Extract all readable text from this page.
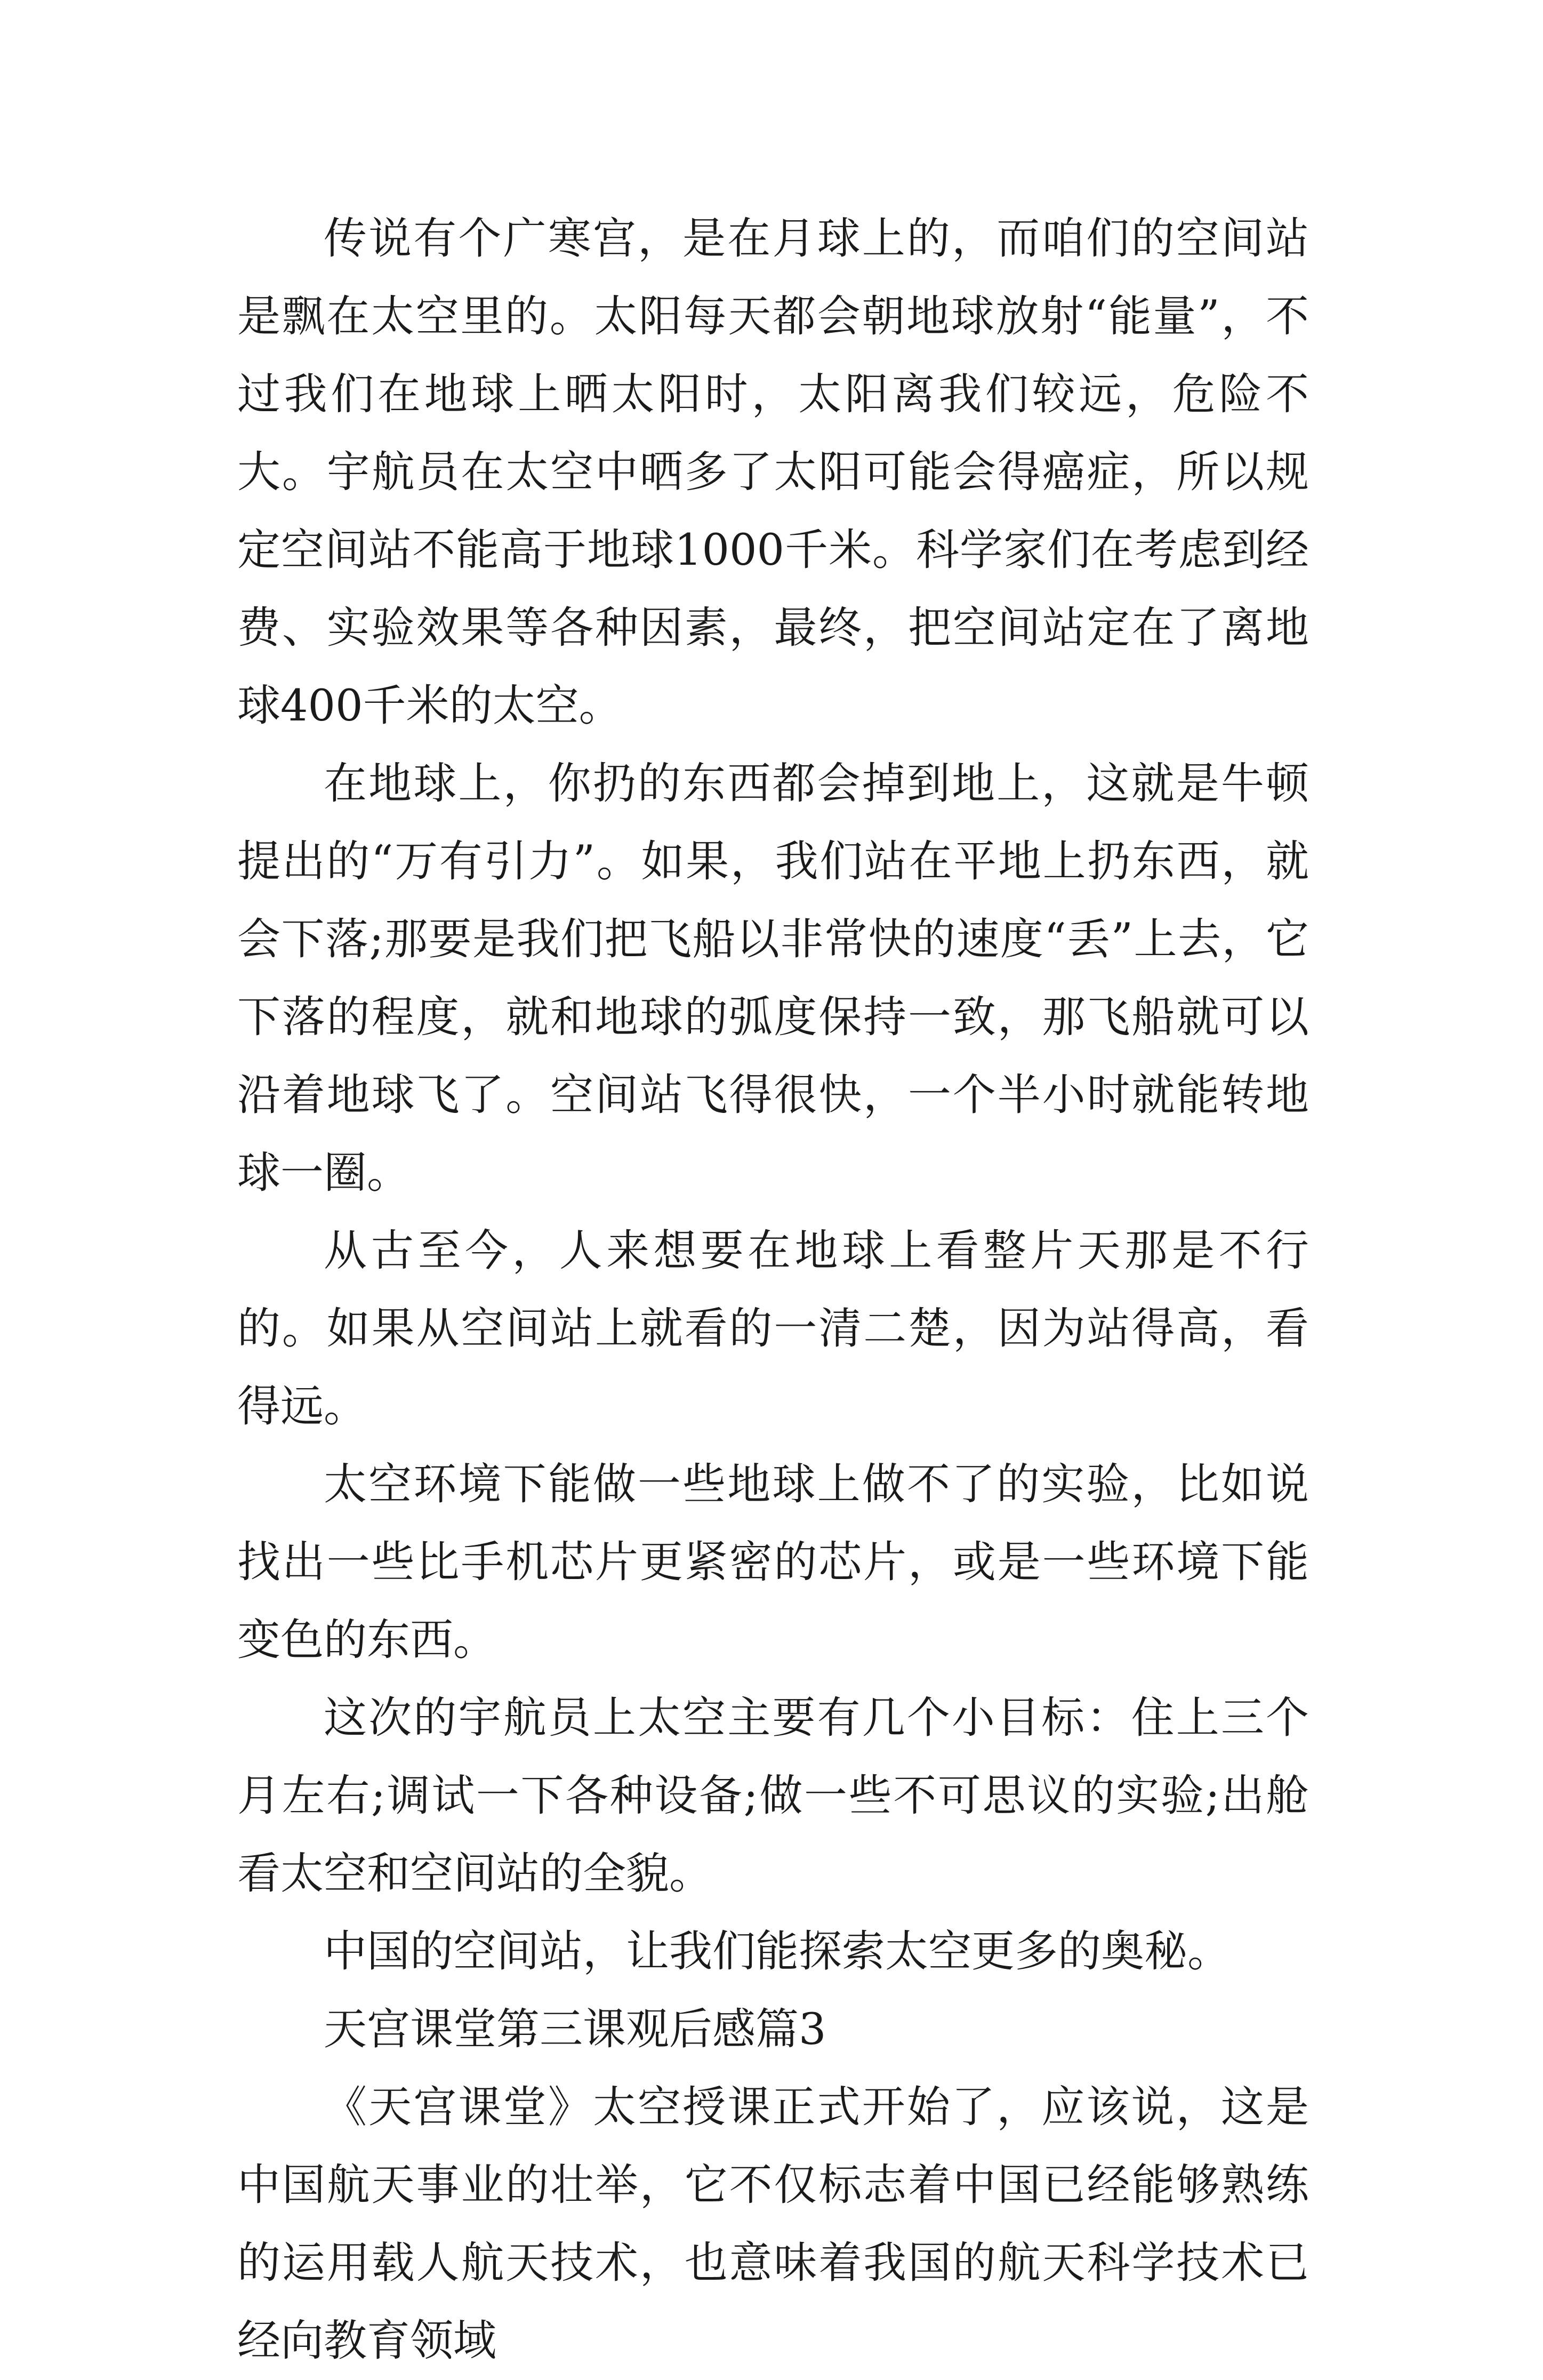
传说有个广寒宫，是在月球上的，而咱们的空间站是飘在太空里的。太阳每天都会朝地球放射“能量”，不过我们在地球上晒太阳时，太阳离我们较远，危险不大。宇航员在太空中晒多了太阳可能会得癌症，所以规定空间站不能高于地球1000千米。科学家们在考虑到经费、实验效果等各种因素，最终，把空间站定在了离地球400千米的太空。

在地球上，你扔的东西都会掉到地上，这就是牛顿提出的“万有引力”。如果，我们站在平地上扔东西，就会下落;那要是我们把飞船以非常快的速度“丢”上去，它下落的程度，就和地球的弧度保持一致，那飞船就可以沿着地球飞了。空间站飞得很快，一个半小时就能转地球一圈。

从古至今，人来想要在地球上看整片天那是不行的。如果从空间站上就看的一清二楚，因为站得高，看得远。

太空环境下能做一些地球上做不了的实验，比如说找出一些比手机芯片更紧密的芯片，或是一些环境下能变色的东西。

这次的宇航员上太空主要有几个小目标：住上三个月左右;调试一下各种设备;做一些不可思议的实验;出舱看太空和空间站的全貌。

中国的空间站，让我们能探索太空更多的奥秘。

天宫课堂第三课观后感篇3

《天宫课堂》太空授课正式开始了，应该说，这是中国航天事业的壮举，它不仅标志着中国已经能够熟练的运用载人航天技术，也意味着我国的航天科学技术已经向教育领域
